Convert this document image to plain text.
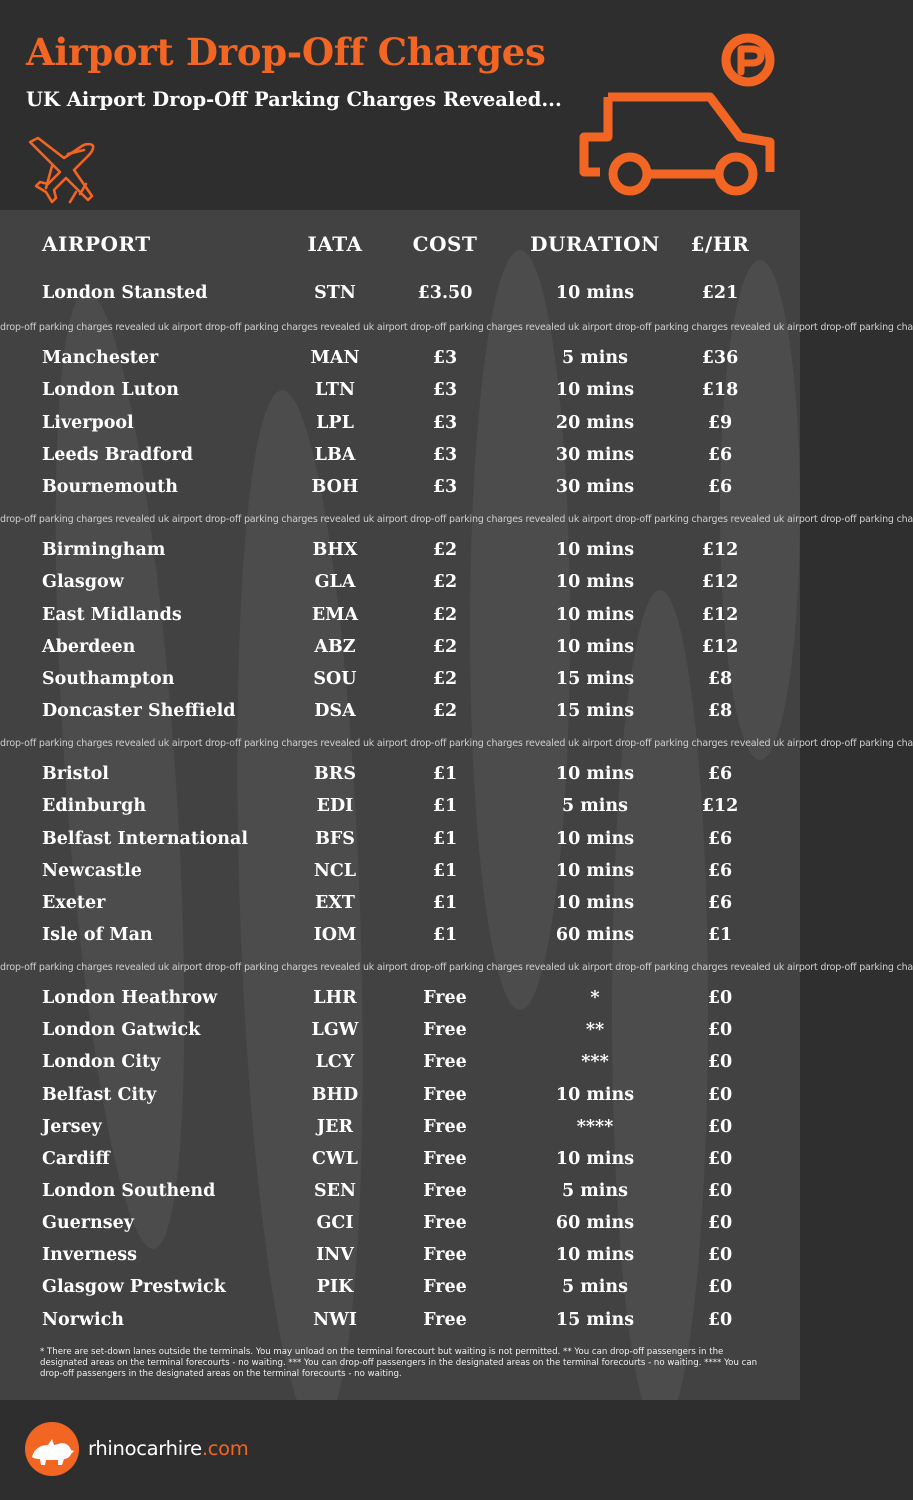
Airport Drop-Off Charges
UK Airport Drop-Off Parking Charges Revealed...
AIRPORT	IATA	COST	DURATION	£/HR
London Stansted	STN	£3.50	10 mins	£21
Manchester	MAN	£3	5 mins	£36
London Luton	LTN	£3	10 mins	£18
Liverpool	LPL	£3	20 mins	£9
Leeds Bradford	LBA	£3	30 mins	£6
Bournemouth	BOH	£3	30 mins	£6
Birmingham	BHX	£2	10 mins	£12
Glasgow	GLA	£2	10 mins	£12
East Midlands	EMA	£2	10 mins	£12
Aberdeen	ABZ	£2	10 mins	£12
Southampton	SOU	£2	15 mins	£8
Doncaster Sheffield	DSA	£2	15 mins	£8
Bristol	BRS	£1	10 mins	£6
Edinburgh	EDI	£1	5 mins	£12
Belfast International	BFS	£1	10 mins	£6
Newcastle	NCL	£1	10 mins	£6
Exeter	EXT	£1	10 mins	£6
Isle of Man	IOM	£1	60 mins	£1
London Heathrow	LHR	Free	*	£0
London Gatwick	LGW	Free	**	£0
London City	LCY	Free	***	£0
Belfast City	BHD	Free	10 mins	£0
Jersey	JER	Free	****	£0
Cardiff	CWL	Free	10 mins	£0
London Southend	SEN	Free	5 mins	£0
Guernsey	GCI	Free	60 mins	£0
Inverness	INV	Free	10 mins	£0
Glasgow Prestwick	PIK	Free	5 mins	£0
Norwich	NWI	Free	15 mins	£0
drop-off parking charges revealed uk airport drop-off parking charges revealed uk airport drop-off parking charges revealed uk airport drop-off parking charges revealed uk airport drop-off parking cha
drop-off parking charges revealed uk airport drop-off parking charges revealed uk airport drop-off parking charges revealed uk airport drop-off parking charges revealed uk airport drop-off parking cha
drop-off parking charges revealed uk airport drop-off parking charges revealed uk airport drop-off parking charges revealed uk airport drop-off parking charges revealed uk airport drop-off parking cha
drop-off parking charges revealed uk airport drop-off parking charges revealed uk airport drop-off parking charges revealed uk airport drop-off parking charges revealed uk airport drop-off parking cha
* There are set-down lanes outside the terminals. You may unload on the terminal forecourt but waiting is not permitted. ** You can drop-off passengers in the designated areas on the terminal forecourts - no waiting. *** You can drop-off passengers in the designated areas on the terminal forecourts - no waiting. **** You can drop-off passengers in the designated areas on the terminal forecourts - no waiting.
rhinocarhire.com
